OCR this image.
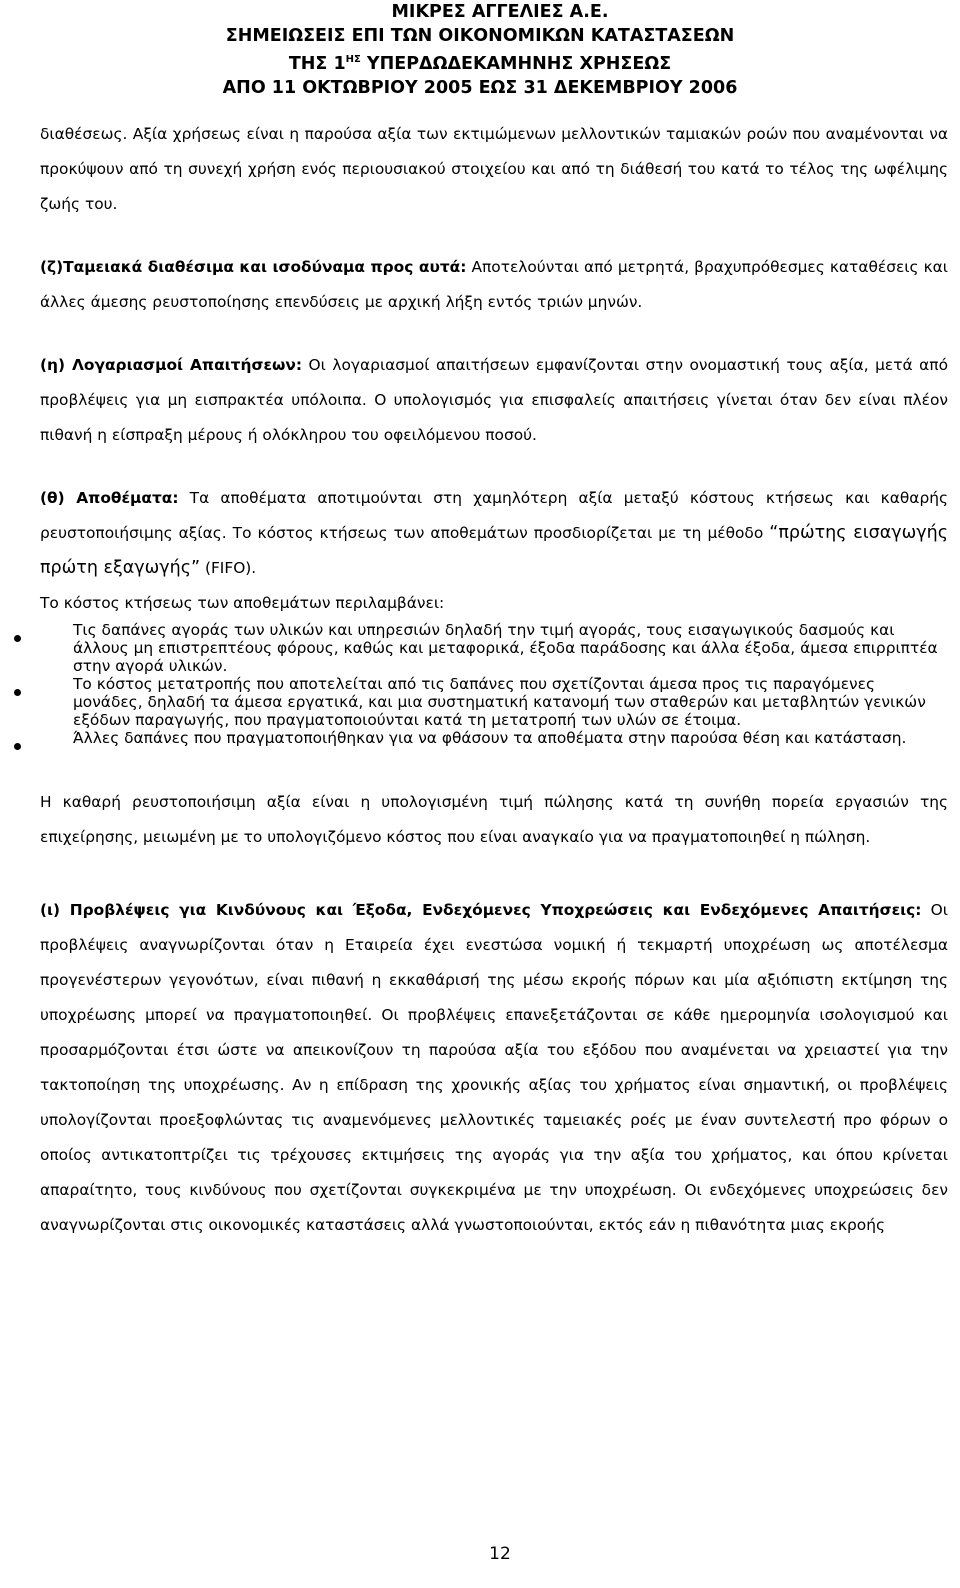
ΜΙΚΡΕΣ ΑΓΓΕΛΙΕΣ Α.Ε.
ΣΗΜΕΙΩΣΕΙΣ ΕΠΙ ΤΩΝ ΟΙΚΟΝΟΜΙΚΩΝ ΚΑΤΑΣΤΑΣΕΩΝ
ΤΗΣ $1^{H\Sigma}$ ΥΠΕΡΔΩΔΕΚΑΜΗΝΗΣ ΧΡΗΣΕΩΣ
ΑΠΟ 11 ΟΚΤΩΒΡΙΟΥ 2005 ΕΩΣ 31 ΔΕΚΕΜΒΡΙΟΥ 2006

διαθέσεως. Αξία χρήσεως είναι η παρούσα αξία των εκτιμώμενων μελλοντικών ταμιακών ροών που αναμένονται να προκύψουν από τη συνεχή χρήση ενός περιουσιακού στοιχείου και από τη διάθεσή του κατά το τέλος της ωφέλιμης ζωής του.

(ζ)Ταμειακά διαθέσιμα και ισοδύναμα προς αυτά: Αποτελούνται από μετρητά, βραχυπρόθεσμες καταθέσεις και άλλες άμεσης ρευστοποίησης επενδύσεις με αρχική λήξη εντός τριών μηνών.

(η) Λογαριασμοί Απαιτήσεων: Οι λογαριασμοί απαιτήσεων εμφανίζονται στην ονομαστική τους αξία, μετά από προβλέψεις για μη εισπρακτέα υπόλοιπα. Ο υπολογισμός για επισφαλείς απαιτήσεις γίνεται όταν δεν είναι πλέον πιθανή η είσπραξη μέρους ή ολόκληρου του οφειλόμενου ποσού.

(θ) Αποθέματα: Τα αποθέματα αποτιμούνται στη χαμηλότερη αξία μεταξύ κόστους κτήσεως και καθαρής ρευστοποιήσιμης αξίας. Το κόστος κτήσεως των αποθεμάτων προσδιορίζεται με τη μέθοδο “πρώτης εισαγωγής πρώτη εξαγωγής” (FIFO).

Το κόστος κτήσεως των αποθεμάτων περιλαμβάνει:

Τις δαπάνες αγοράς των υλικών και υπηρεσιών δηλαδή την τιμή αγοράς, τους εισαγωγικούς δασμούς και άλλους μη επιστρεπτέους φόρους, καθώς και μεταφορικά, έξοδα παράδοσης και άλλα έξοδα, άμεσα επιρριπτέα στην αγορά υλικών.
Το κόστος μετατροπής που αποτελείται από τις δαπάνες που σχετίζονται άμεσα προς τις παραγόμενες μονάδες, δηλαδή τα άμεσα εργατικά, και μια συστηματική κατανομή των σταθερών και μεταβλητών γενικών εξόδων παραγωγής, που πραγματοποιούνται κατά τη μετατροπή των υλών σε έτοιμα.
Άλλες δαπάνες που πραγματοποιήθηκαν για να φθάσουν τα αποθέματα στην παρούσα θέση και κατάσταση.

Η καθαρή ρευστοποιήσιμη αξία είναι η υπολογισμένη τιμή πώλησης κατά τη συνήθη πορεία εργασιών της επιχείρησης, μειωμένη με το υπολογιζόμενο κόστος που είναι αναγκαίο για να πραγματοποιηθεί η πώληση.

(ι) Προβλέψεις για Κινδύνους και Έξοδα, Ενδεχόμενες Υποχρεώσεις και Ενδεχόμενες Απαιτήσεις: Οι προβλέψεις αναγνωρίζονται όταν η Εταιρεία έχει ενεστώσα νομική ή τεκμαρτή υποχρέωση ως αποτέλεσμα προγενέστερων γεγονότων, είναι πιθανή η εκκαθάρισή της μέσω εκροής πόρων και μία αξιόπιστη εκτίμηση της υποχρέωσης μπορεί να πραγματοποιηθεί. Οι προβλέψεις επανεξετάζονται σε κάθε ημερομηνία ισολογισμού και προσαρμόζονται έτσι ώστε να απεικονίζουν τη παρούσα αξία του εξόδου που αναμένεται να χρειαστεί για την τακτοποίηση της υποχρέωσης. Αν η επίδραση της χρονικής αξίας του χρήματος είναι σημαντική, οι προβλέψεις υπολογίζονται προεξοφλώντας τις αναμενόμενες μελλοντικές ταμειακές ροές με έναν συντελεστή προ φόρων ο οποίος αντικατοπτρίζει τις τρέχουσες εκτιμήσεις της αγοράς για την αξία του χρήματος, και όπου κρίνεται απαραίτητο, τους κινδύνους που σχετίζονται συγκεκριμένα με την υποχρέωση. Οι ενδεχόμενες υποχρεώσεις δεν αναγνωρίζονται στις οικονομικές καταστάσεις αλλά γνωστοποιούνται, εκτός εάν η πιθανότητα μιας εκροής

12
